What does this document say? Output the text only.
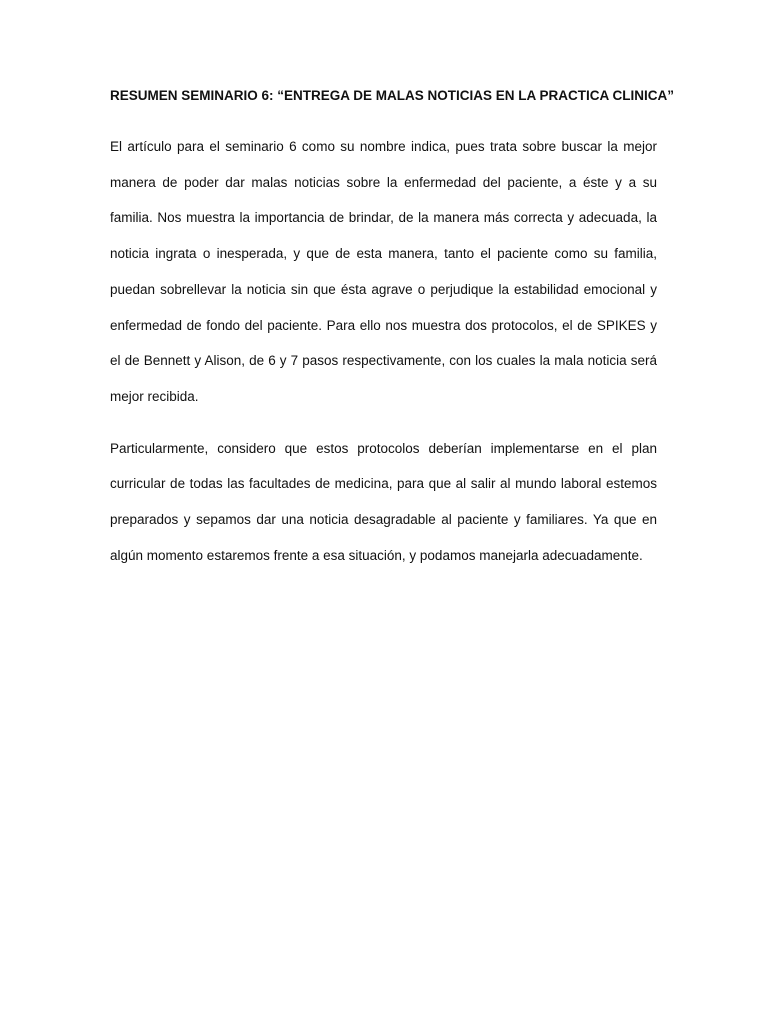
RESUMEN SEMINARIO 6: “ENTREGA DE MALAS NOTICIAS EN LA PRACTICA CLINICA”

El artículo para el seminario 6 como su nombre indica, pues trata sobre buscar la mejor manera de poder dar malas noticias sobre la enfermedad del paciente, a éste y a su familia. Nos muestra la importancia de brindar, de la manera más correcta y adecuada, la noticia ingrata o inesperada, y que de esta manera, tanto el paciente como su familia, puedan sobrellevar la noticia sin que ésta agrave o perjudique la estabilidad emocional y enfermedad de fondo del paciente. Para ello nos muestra dos protocolos, el de SPIKES y el de Bennett y Alison, de 6 y 7 pasos respectivamente, con los cuales la mala noticia será mejor recibida.

Particularmente, considero que estos protocolos deberían implementarse en el plan curricular de todas las facultades de medicina, para que al salir al mundo laboral estemos preparados y sepamos dar una noticia desagradable al paciente y familiares. Ya que en algún momento estaremos frente a esa situación, y podamos manejarla adecuadamente.
